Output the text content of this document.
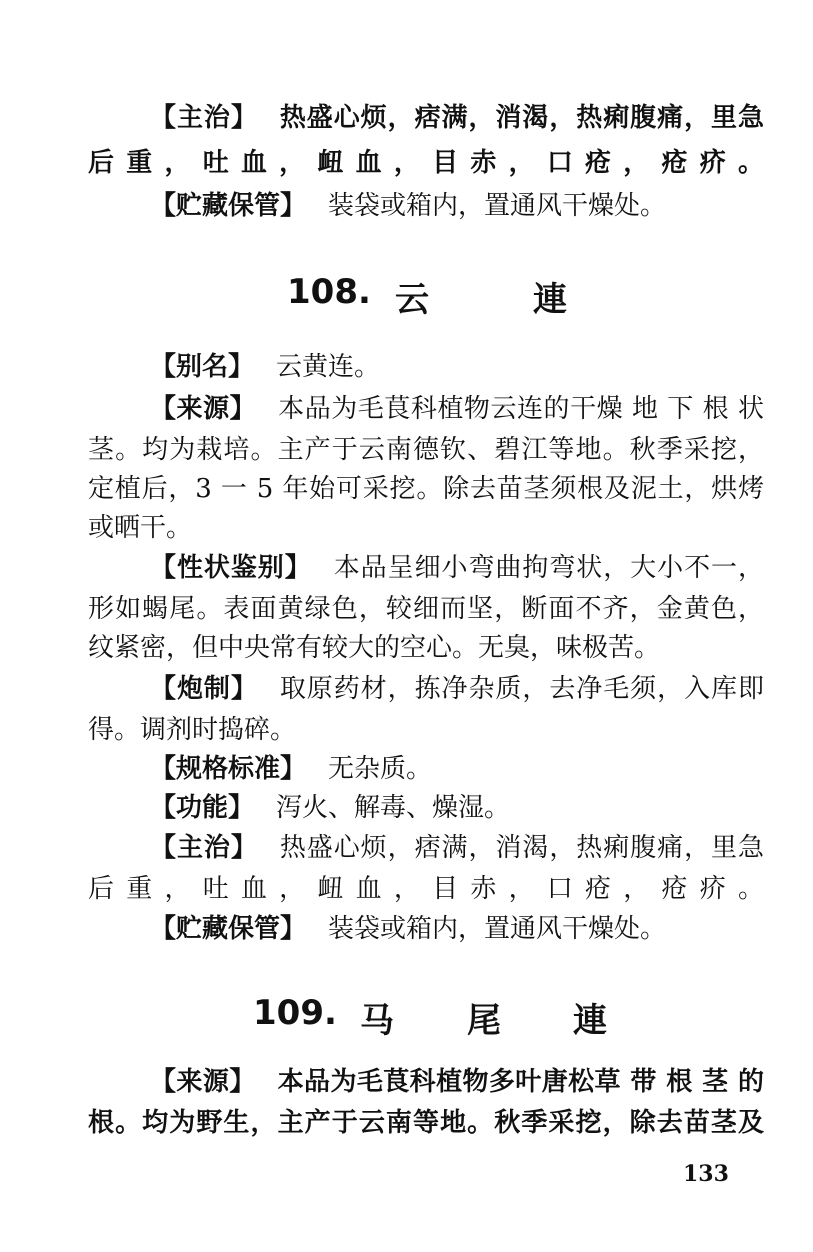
【主治】 热盛心烦，痞满，消渴，热痢腹痛，里急
后重，吐血，衄血，目赤，口疮，疮疥。
【贮藏保管】 装袋或箱内，置通风干燥处。
108. 云	連
【别名】 云黄连。
【来源】 本品为毛茛科植物云连的干燥 地 下 根 状
茎。均为栽培。主产于云南德钦、碧江等地。秋季采挖，
定植后，3 一 5 年始可采挖。除去苗茎须根及泥土，烘烤
或晒干。
【性状鉴别】 本品呈细小弯曲拘弯状，大小不一，
形如蝎尾。表面黄绿色，较细而坚，断面不齐，金黄色，
纹紧密，但中央常有较大的空心。无臭，味极苦。
【炮制】 取原药材，拣净杂质，去净毛须，入库即
得。调剂时捣碎。
【规格标准】 无杂质。
【功能】 泻火、解毒、燥湿。
【主治】 热盛心烦，痞满，消渴，热痢腹痛，里急
后重，吐血，衄血，目赤，口疮，疮疥。
【贮藏保管】 装袋或箱内，置通风干燥处。
109. 马 尾 連
【来源】 本品为毛茛科植物多叶唐松草 带 根 茎 的
根。均为野生，主产于云南等地。秋季采挖，除去苗茎及
133
